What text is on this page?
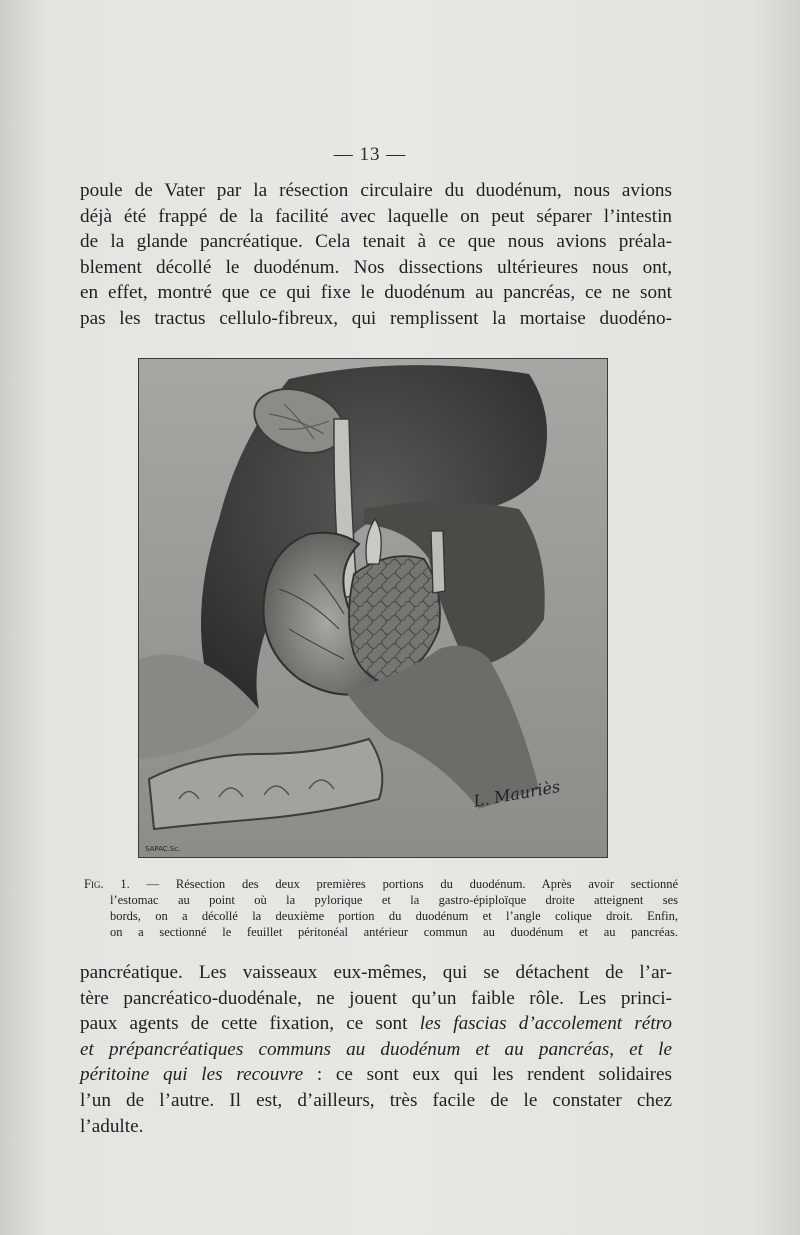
— 13 —
poule de Vater par la résection circulaire du duodénum, nous avions
déjà été frappé de la facilité avec laquelle on peut séparer l’intestin
de la glande pancréatique. Cela tenait à ce que nous avions préala-
blement décollé le duodénum. Nos dissections ultérieures nous ont,
en effet, montré que ce qui fixe le duodénum au pancréas, ce ne sont
pas les tractus cellulo-fibreux, qui remplissent la mortaise duodéno-
L. Mauriès
SAPAC.Sc.
Fig. 1. — Résection des deux premières portions du duodénum. Après avoir sectionné
l’estomac au point où la pylorique et la gastro-épiploïque droite atteignent ses
bords, on a décollé la deuxième portion du duodénum et l’angle colique droit. Enfin,
on a sectionné le feuillet péritonéal antérieur commun au duodénum et au pancréas.
pancréatique. Les vaisseaux eux-mêmes, qui se détachent de l’ar-
tère pancréatico-duodénale, ne jouent qu’un faible rôle. Les princi-
paux agents de cette fixation, ce sont les fascias d’accolement rétro
et prépancréatiques communs au duodénum et au pancréas, et le
péritoine qui les recouvre : ce sont eux qui les rendent solidaires
l’un de l’autre. Il est, d’ailleurs, très facile de le constater chez
l’adulte.
